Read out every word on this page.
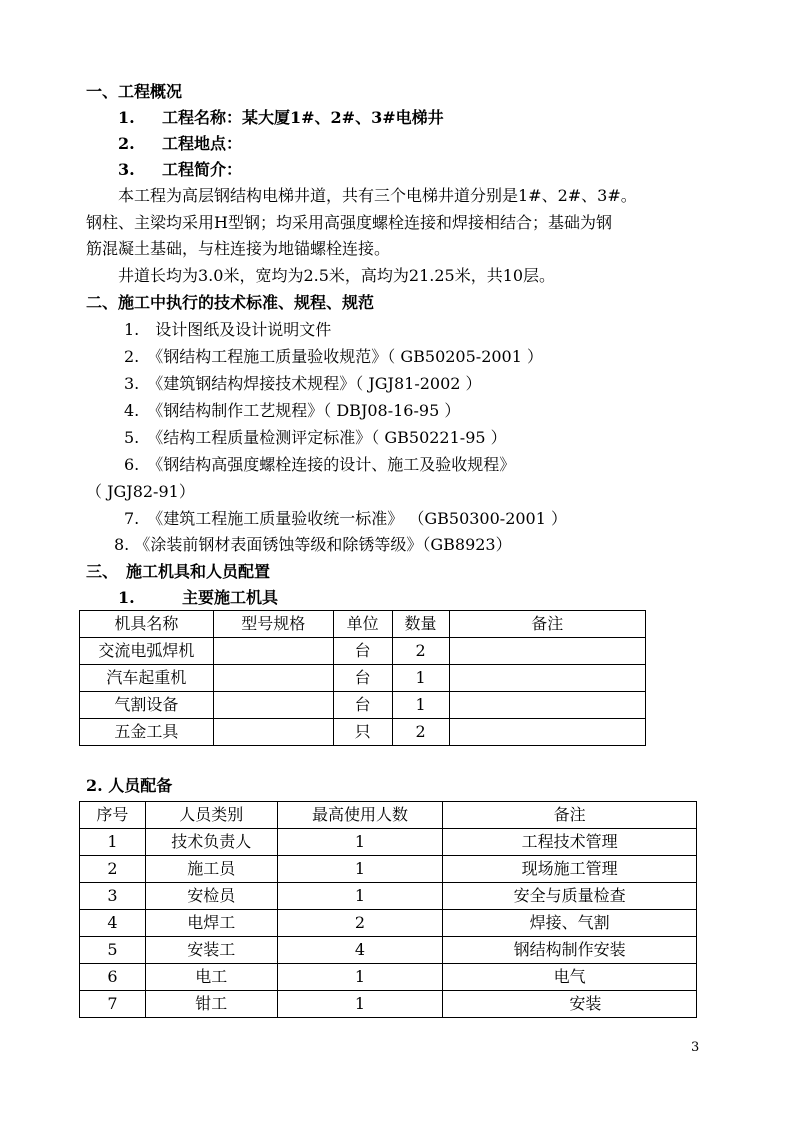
一、工程概况
1. 工程名称：某大厦1#、2#、3#电梯井
2. 工程地点：
3. 工程简介：
本工程为高层钢结构电梯井道，共有三个电梯井道分别是1#、2#、3#。
钢柱、主梁均采用H型钢；均采用高强度螺栓连接和焊接相结合；基础为钢
筋混凝土基础，与柱连接为地锚螺栓连接。
井道长均为3.0米，宽均为2.5米，高均为21.25米，共10层。
二、施工中执行的技术标准、规程、规范
1.　设计图纸及设计说明文件
2.　《钢结构工程施工质量验收规范》（ GB50205-2001 ）
3.　《建筑钢结构焊接技术规程》（ JGJ81-2002 ）
4.　《钢结构制作工艺规程》（ DBJ08-16-95 ）
5.　《结构工程质量检测评定标准》（ GB50221-95 ）
6.　《钢结构高强度螺栓连接的设计、施工及验收规程》
（ JGJ82-91）
7.　《建筑工程施工质量验收统一标准》 （GB50300-2001 ）
8. 《涂装前钢材表面锈蚀等级和除锈等级》（GB8923）
三、　施工机具和人员配置
1.	主要施工机具
机具名称	型号规格	单位	数量	备注
交流电弧焊机		台	2	
汽车起重机		台	1	
气割设备		台	1	
五金工具		只	2	
2. 人员配备
序号	人员类别	最高使用人数	备注
1	技术负责人	1	工程技术管理
2	施工员	1	现场施工管理
3	安检员	1	安全与质量检查
4	电焊工	2	焊接、气割
5	安装工	4	钢结构制作安装
6	电工	1	电气
7	钳工	1	安装
3
